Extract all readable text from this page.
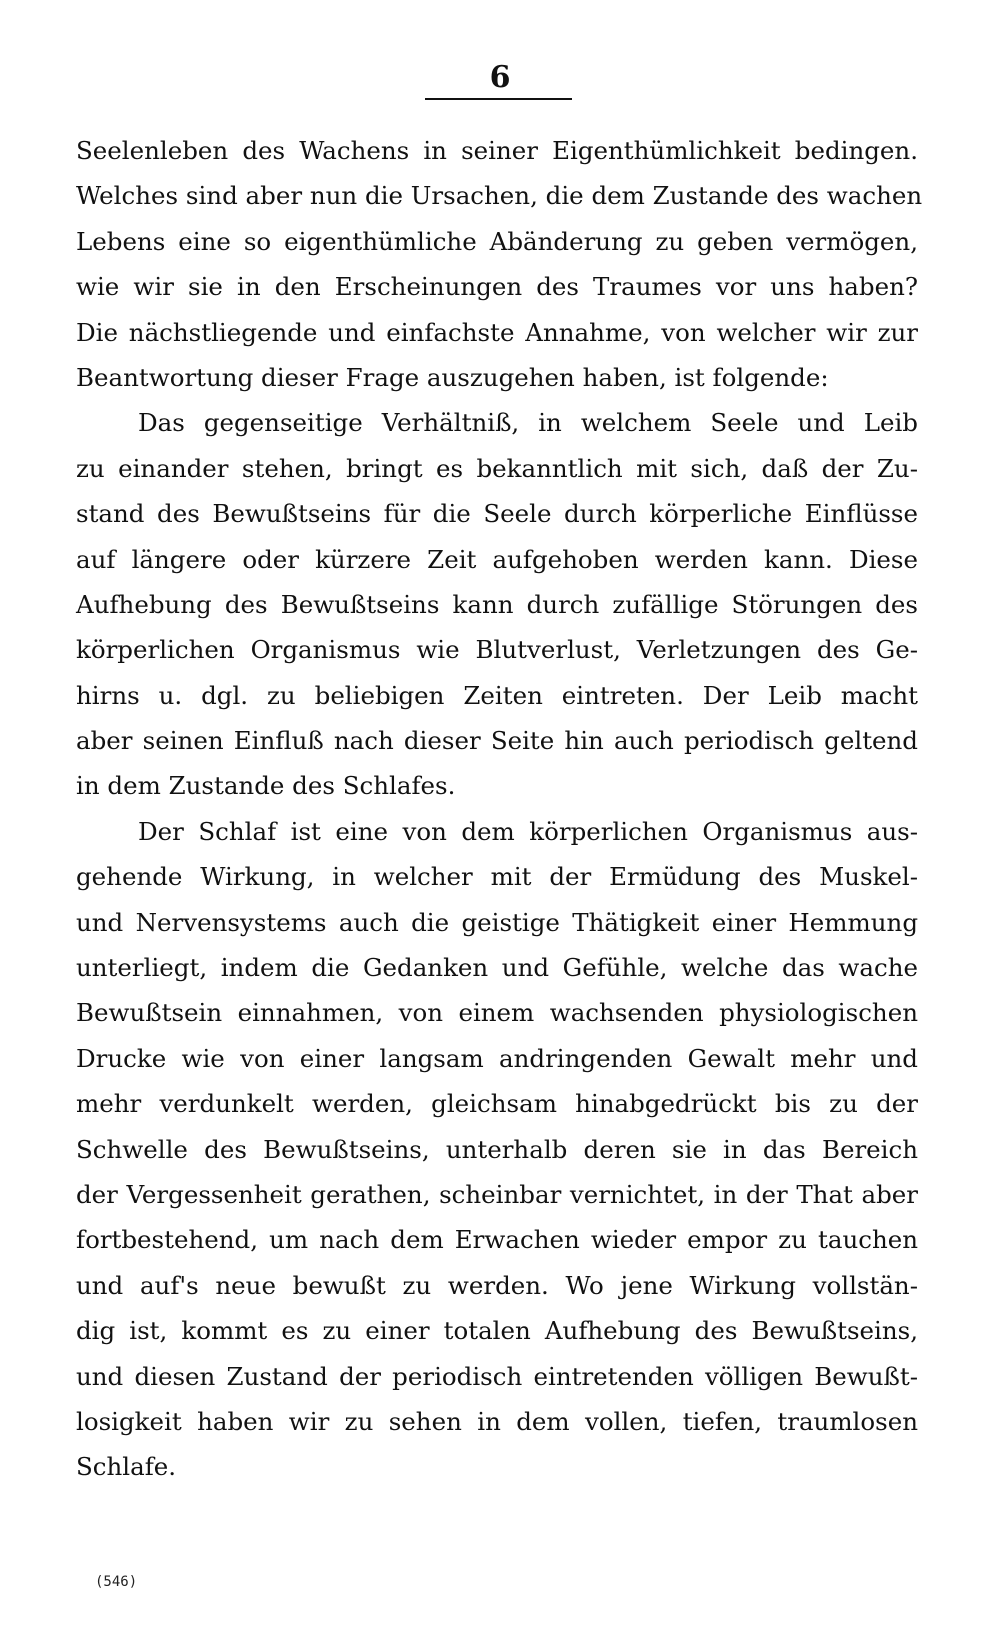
6
Seelenleben des Wachens in seiner Eigenthümlichkeit bedingen.
Welches sind aber nun die Ursachen, die dem Zustande des wachen
Lebens eine so eigenthümliche Abänderung zu geben vermögen,
wie wir sie in den Erscheinungen des Traumes vor uns haben?
Die nächstliegende und einfachste Annahme, von welcher wir zur
Beantwortung dieser Frage auszugehen haben, ist folgende:
Das gegenseitige Verhältniß, in welchem Seele und Leib
zu einander stehen, bringt es bekanntlich mit sich, daß der Zu-
stand des Bewußtseins für die Seele durch körperliche Einflüsse
auf längere oder kürzere Zeit aufgehoben werden kann. Diese
Aufhebung des Bewußtseins kann durch zufällige Störungen des
körperlichen Organismus wie Blutverlust, Verletzungen des Ge-
hirns u. dgl. zu beliebigen Zeiten eintreten. Der Leib macht
aber seinen Einfluß nach dieser Seite hin auch periodisch geltend
in dem Zustande des Schlafes.
Der Schlaf ist eine von dem körperlichen Organismus aus-
gehende Wirkung, in welcher mit der Ermüdung des Muskel-
und Nervensystems auch die geistige Thätigkeit einer Hemmung
unterliegt, indem die Gedanken und Gefühle, welche das wache
Bewußtsein einnahmen, von einem wachsenden physiologischen
Drucke wie von einer langsam andringenden Gewalt mehr und
mehr verdunkelt werden, gleichsam hinabgedrückt bis zu der
Schwelle des Bewußtseins, unterhalb deren sie in das Bereich
der Vergessenheit gerathen, scheinbar vernichtet, in der That aber
fortbestehend, um nach dem Erwachen wieder empor zu tauchen
und auf's neue bewußt zu werden. Wo jene Wirkung vollstän-
dig ist, kommt es zu einer totalen Aufhebung des Bewußtseins,
und diesen Zustand der periodisch eintretenden völligen Bewußt-
losigkeit haben wir zu sehen in dem vollen, tiefen, traumlosen
Schlafe.
(546)
